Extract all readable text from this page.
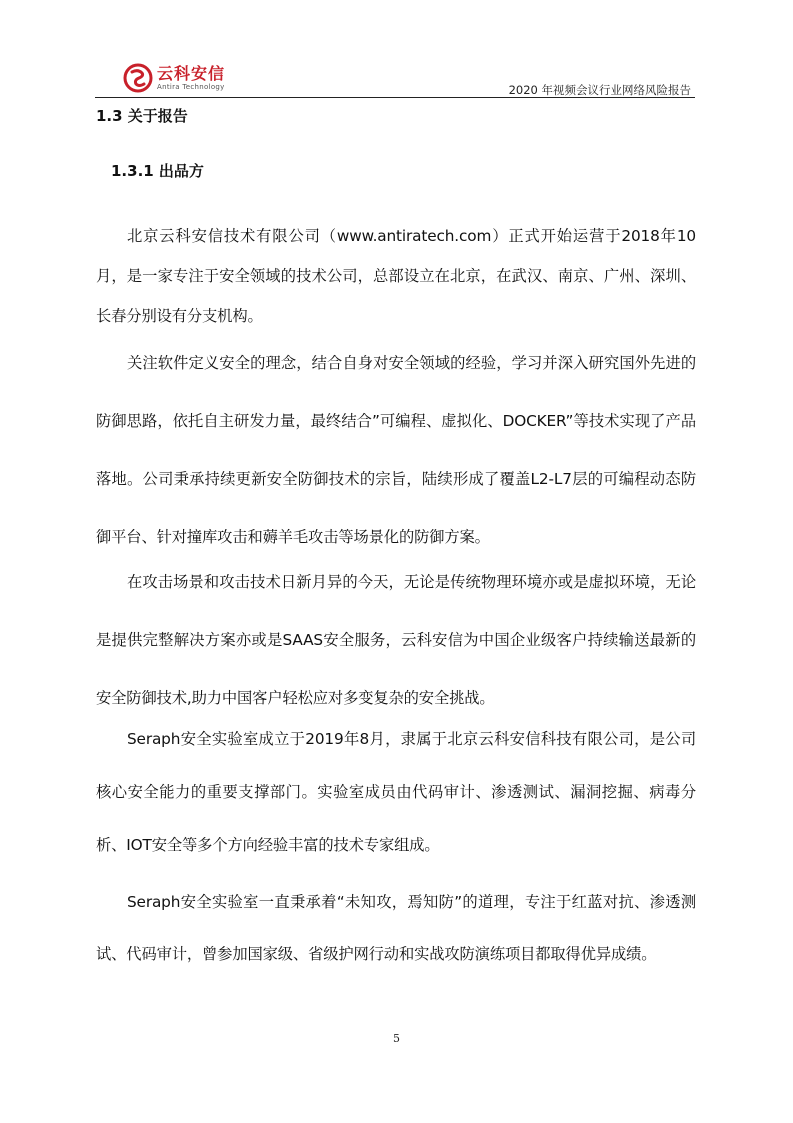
云科安信
Antira Technology	2020 年视频会议行业网络风险报告
1.3 关于报告
1.3.1 出品方

北京云科安信技术有限公司（www.antiratech.com）正式开始运营于2018年10月，是一家专注于安全领域的技术公司，总部设立在北京，在武汉、南京、广州、深圳、长春分别设有分支机构。

关注软件定义安全的理念，结合自身对安全领域的经验，学习并深入研究国外先进的防御思路，依托自主研发力量，最终结合”可编程、虚拟化、DOCKER”等技术实现了产品落地。公司秉承持续更新安全防御技术的宗旨，陆续形成了覆盖L2-L7层的可编程动态防御平台、针对撞库攻击和薅羊毛攻击等场景化的防御方案。

在攻击场景和攻击技术日新月异的今天，无论是传统物理环境亦或是虚拟环境，无论是提供完整解决方案亦或是SAAS安全服务，云科安信为中国企业级客户持续输送最新的安全防御技术,助力中国客户轻松应对多变复杂的安全挑战。

Seraph安全实验室成立于2019年8月，隶属于北京云科安信科技有限公司，是公司核心安全能力的重要支撑部门。实验室成员由代码审计、渗透测试、漏洞挖掘、病毒分析、IOT安全等多个方向经验丰富的技术专家组成。

Seraph安全实验室一直秉承着“未知攻，焉知防”的道理，专注于红蓝对抗、渗透测试、代码审计，曾参加国家级、省级护网行动和实战攻防演练项目都取得优异成绩。

5
